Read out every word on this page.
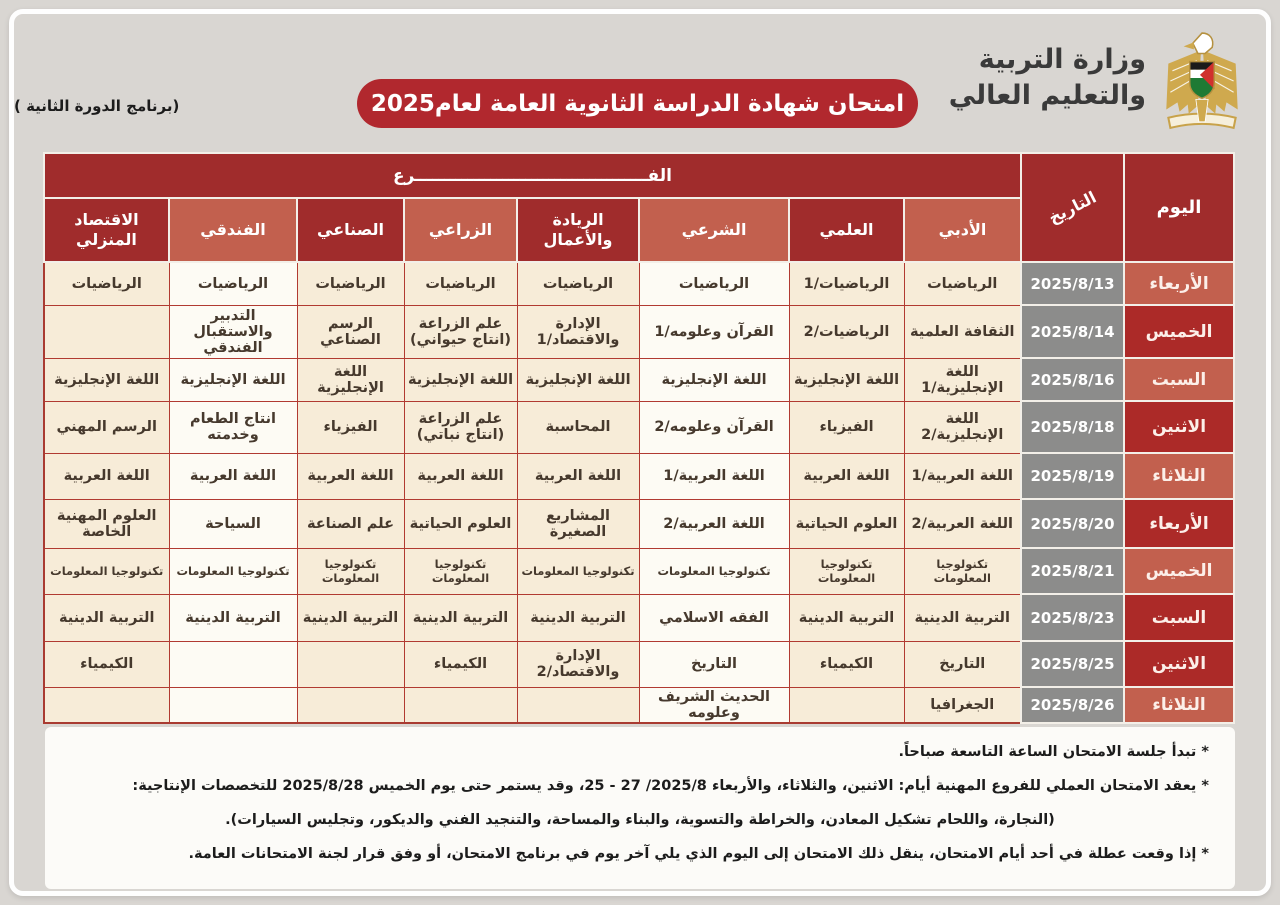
وزارة التربية
والتعليم العالي
امتحان شهادة الدراسة الثانوية العامة لعام2025
(برنامج الدورة الثانية )
اليوم	التاريخ	الفــــــــــــــــــــــــــــــــــــــــرع							
		الأدبي	العلمي	الشرعي	الريادة والأعمال	الزراعي	الصناعي	الفندقي	الاقتصاد المنزلي
الأربعاء	2025/8/13	الرياضيات	الرياضيات/1	الرياضيات	الرياضيات	الرياضيات	الرياضيات	الرياضيات	الرياضيات
الخميس	2025/8/14	الثقافة العلمية	الرياضيات/2	القرآن وعلومه/1	الإدارة والاقتصاد/1	علم الزراعة (انتاج حيواني)	الرسم الصناعي	التدبير والاستقبال الفندقي	
السبت	2025/8/16	اللغة الإنجليزية/1	اللغة الإنجليزية	اللغة الإنجليزية	اللغة الإنجليزية	اللغة الإنجليزية	اللغة الإنجليزية	اللغة الإنجليزية	اللغة الإنجليزية
الاثنين	2025/8/18	اللغة الإنجليزية/2	الفيزياء	القرآن وعلومه/2	المحاسبة	علم الزراعة (انتاج نباتي)	الفيزياء	انتاج الطعام وخدمته	الرسم المهني
الثلاثاء	2025/8/19	اللغة العربية/1	اللغة العربية	اللغة العربية/1	اللغة العربية	اللغة العربية	اللغة العربية	اللغة العربية	اللغة العربية
الأربعاء	2025/8/20	اللغة العربية/2	العلوم الحياتية	اللغة العربية/2	المشاريع الصغيرة	العلوم الحياتية	علم الصناعة	السياحة	العلوم المهنية الخاصة
الخميس	2025/8/21	تكنولوجيا المعلومات	تكنولوجيا المعلومات	تكنولوجيا المعلومات	تكنولوجيا المعلومات	تكنولوجيا المعلومات	تكنولوجيا المعلومات	تكنولوجيا المعلومات	تكنولوجيا المعلومات
السبت	2025/8/23	التربية الدينية	التربية الدينية	الفقه الاسلامي	التربية الدينية	التربية الدينية	التربية الدينية	التربية الدينية	التربية الدينية
الاثنين	2025/8/25	التاريخ	الكيمياء	التاريخ	الإدارة والاقتصاد/2	الكيمياء			الكيمياء
الثلاثاء	2025/8/26	الجغرافيا		الحديث الشريف وعلومه					

* تبدأ جلسة الامتحان الساعة التاسعة صباحاً.

* يعقد الامتحان العملي للفروع المهنية أيام: الاثنين، والثلاثاء، والأربعاء ‎25 - 27 /2025/8‎، وقد يستمر حتى يوم الخميس 2025/8/28 للتخصصات الإنتاجية:

(النجارة، واللحام تشكيل المعادن، والخراطة والتسوية، والبناء والمساحة، والتنجيد الفني والديكور، وتجليس السيارات).

* إذا وقعت عطلة في أحد أيام الامتحان، ينقل ذلك الامتحان إلى اليوم الذي يلي آخر يوم في برنامج الامتحان، أو وفق قرار لجنة الامتحانات العامة.
